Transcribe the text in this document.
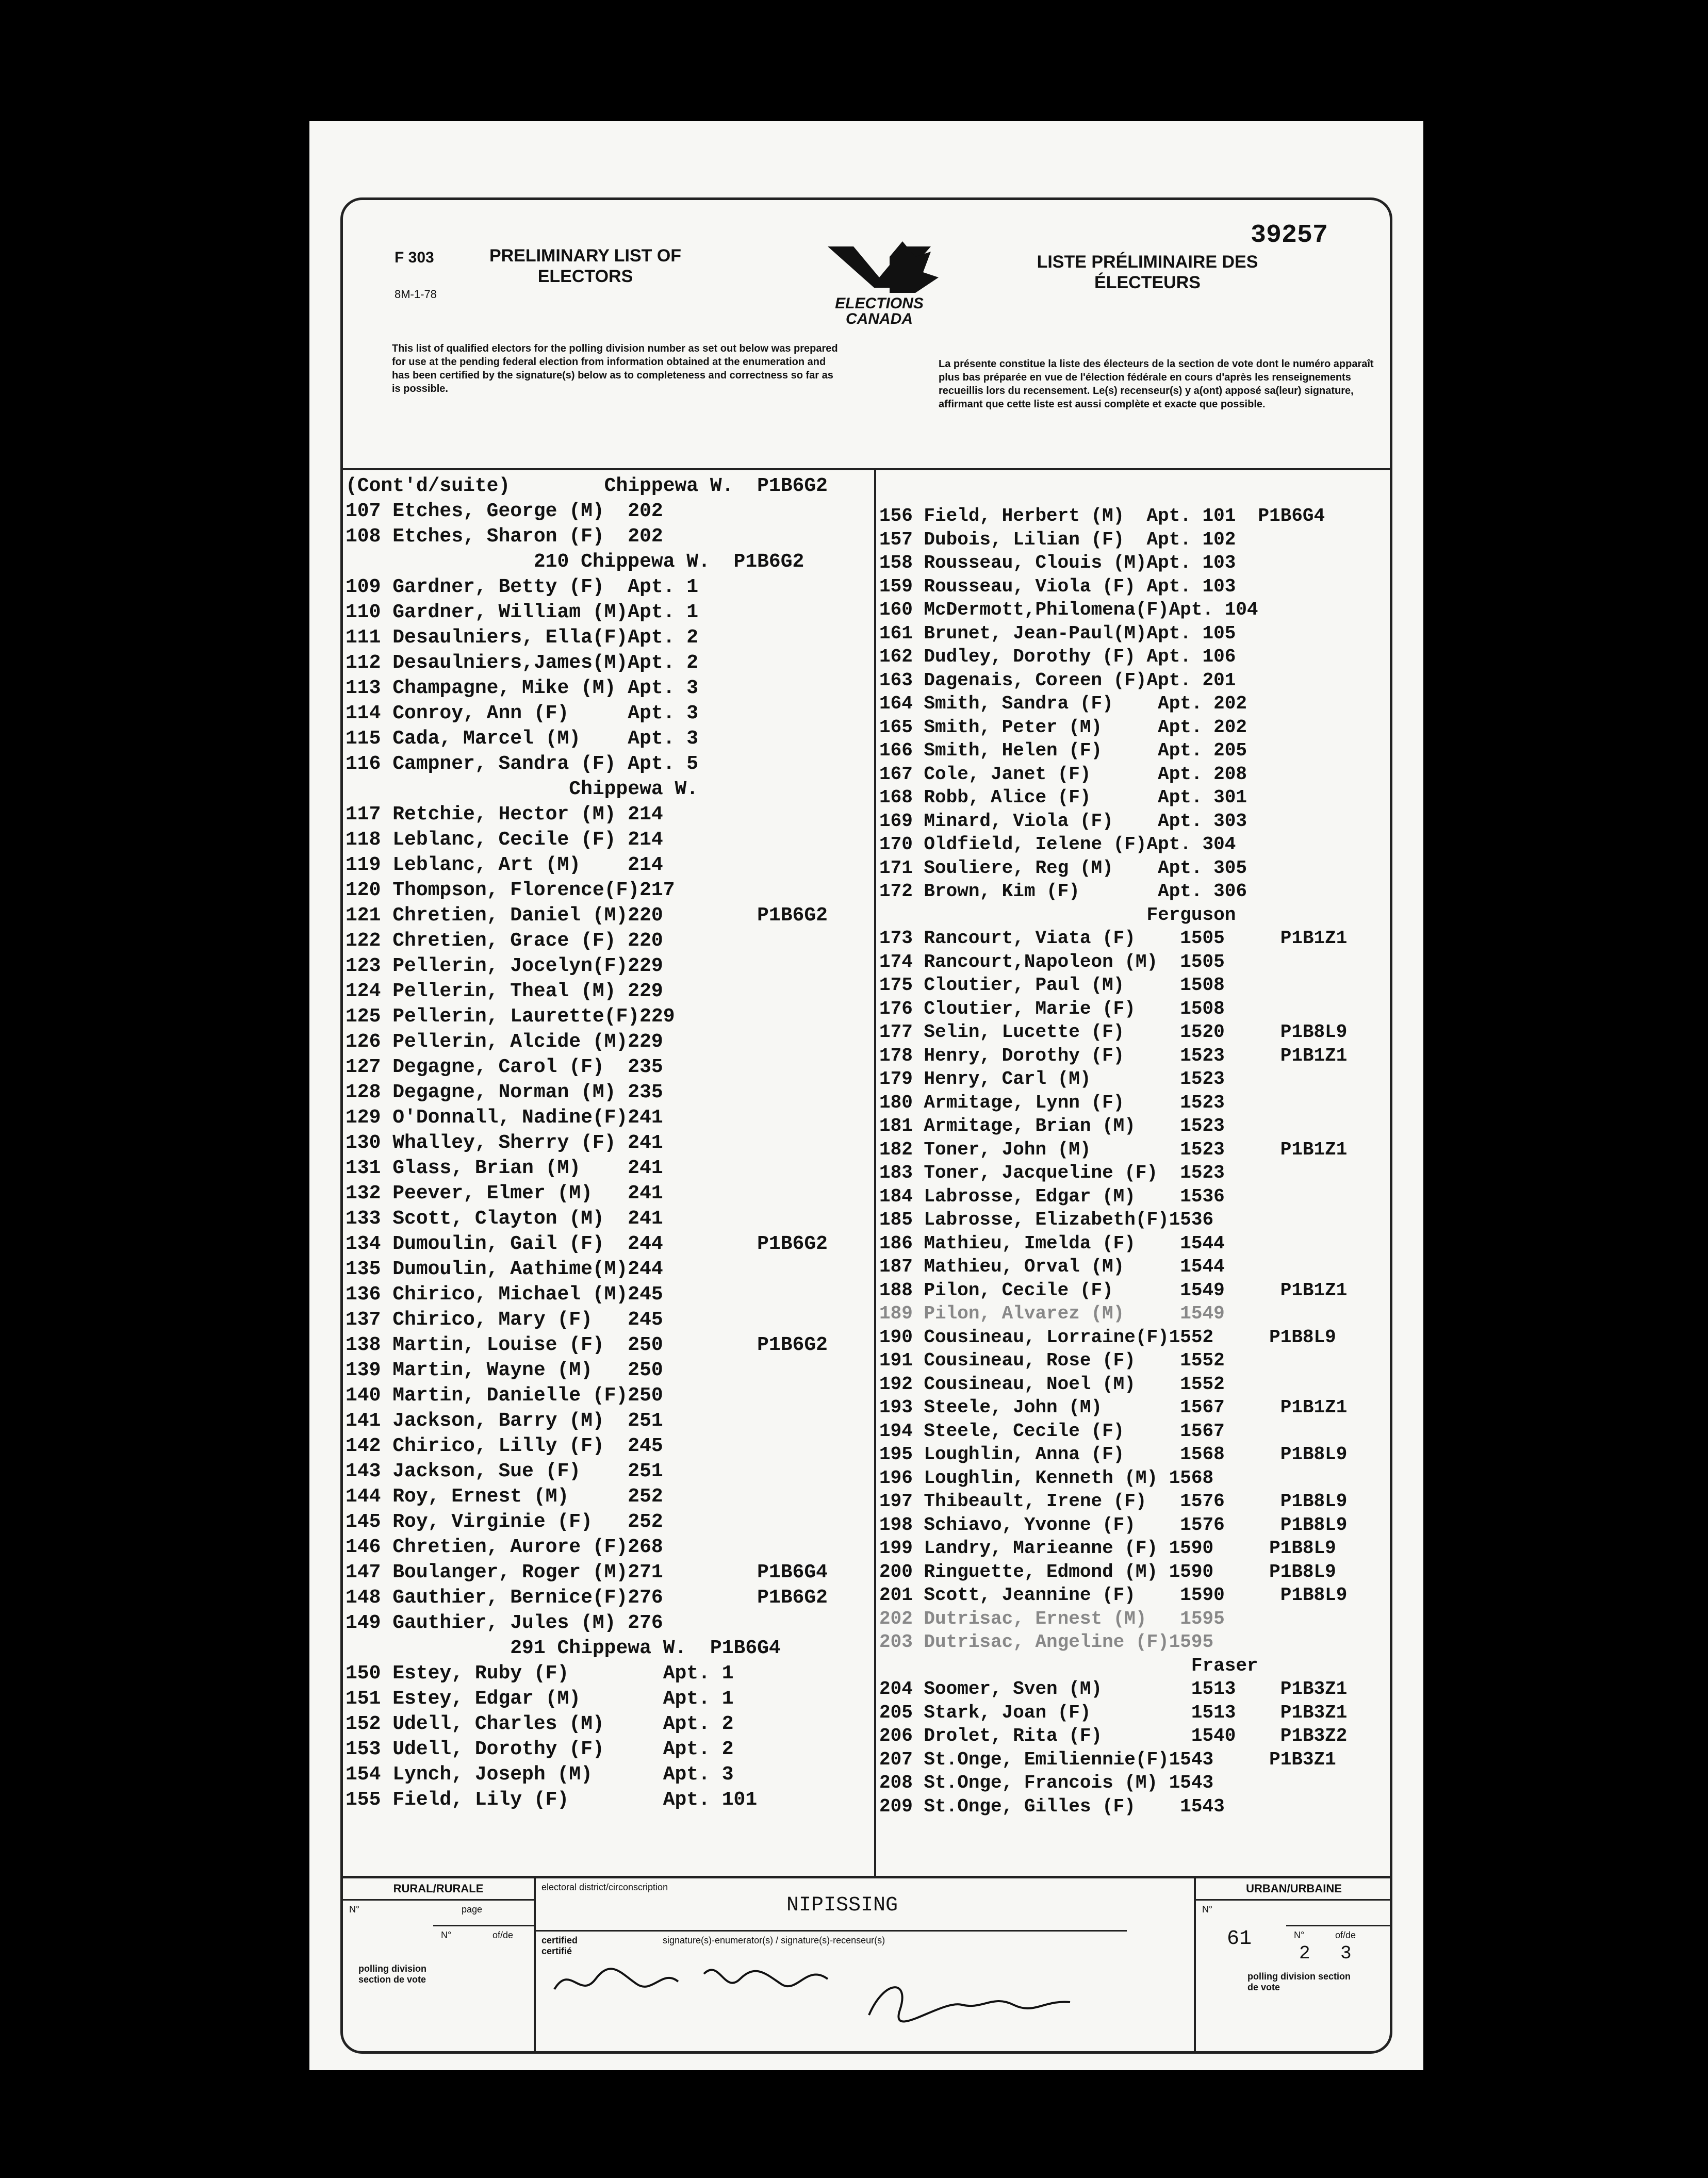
F 303
8M-1-78
PRELIMINARY LIST OF ELECTORS
ELECTIONS
CANADA
39257
LISTE PRÉLIMINAIRE DES ÉLECTEURS
This list of qualified electors for the polling division number as set out below was prepared for use at the pending federal election from information obtained at the enumeration and has been certified by the signature(s) below as to completeness and correctness so far as is possible.
La présente constitue la liste des électeurs de la section de vote dont le numéro apparaît plus bas préparée en vue de l'élection fédérale en cours d'après les renseignements recueillis lors du recensement. Le(s) recenseur(s) y a(ont) apposé sa(leur) signature, affirmant que cette liste est aussi complète et exacte que possible.
(Cont'd/suite)        Chippewa W.  P1B6G2
107 Etches, George (M)  202
108 Etches, Sharon (F)  202
210 Chippewa W.  P1B6G2
109 Gardner, Betty (F)  Apt. 1
110 Gardner, William (M)Apt. 1
111 Desaulniers, Ella(F)Apt. 2
112 Desaulniers,James(M)Apt. 2
113 Champagne, Mike (M) Apt. 3
114 Conroy, Ann (F)     Apt. 3
115 Cada, Marcel (M)    Apt. 3
116 Campner, Sandra (F) Apt. 5
Chippewa W.
117 Retchie, Hector (M) 214
118 Leblanc, Cecile (F) 214
119 Leblanc, Art (M)    214
120 Thompson, Florence(F)217
121 Chretien, Daniel (M)220        P1B6G2
122 Chretien, Grace (F) 220
123 Pellerin, Jocelyn(F)229
124 Pellerin, Theal (M) 229
125 Pellerin, Laurette(F)229
126 Pellerin, Alcide (M)229
127 Degagne, Carol (F)  235
128 Degagne, Norman (M) 235
129 O'Donnall, Nadine(F)241
130 Whalley, Sherry (F) 241
131 Glass, Brian (M)    241
132 Peever, Elmer (M)   241
133 Scott, Clayton (M)  241
134 Dumoulin, Gail (F)  244        P1B6G2
135 Dumoulin, Aathime(M)244
136 Chirico, Michael (M)245
137 Chirico, Mary (F)   245
138 Martin, Louise (F)  250        P1B6G2
139 Martin, Wayne (M)   250
140 Martin, Danielle (F)250
141 Jackson, Barry (M)  251
142 Chirico, Lilly (F)  245
143 Jackson, Sue (F)    251
144 Roy, Ernest (M)     252
145 Roy, Virginie (F)   252
146 Chretien, Aurore (F)268
147 Boulanger, Roger (M)271        P1B6G4
148 Gauthier, Bernice(F)276        P1B6G2
149 Gauthier, Jules (M) 276
291 Chippewa W.  P1B6G4
150 Estey, Ruby (F)        Apt. 1
151 Estey, Edgar (M)       Apt. 1
152 Udell, Charles (M)     Apt. 2
153 Udell, Dorothy (F)     Apt. 2
154 Lynch, Joseph (M)      Apt. 3
155 Field, Lily (F)        Apt. 101
156 Field, Herbert (M)  Apt. 101  P1B6G4
157 Dubois, Lilian (F)  Apt. 102
158 Rousseau, Clouis (M)Apt. 103
159 Rousseau, Viola (F) Apt. 103
160 McDermott,Philomena(F)Apt. 104
161 Brunet, Jean-Paul(M)Apt. 105
162 Dudley, Dorothy (F) Apt. 106
163 Dagenais, Coreen (F)Apt. 201
164 Smith, Sandra (F)    Apt. 202
165 Smith, Peter (M)     Apt. 202
166 Smith, Helen (F)     Apt. 205
167 Cole, Janet (F)      Apt. 208
168 Robb, Alice (F)      Apt. 301
169 Minard, Viola (F)    Apt. 303
170 Oldfield, Ielene (F)Apt. 304
171 Souliere, Reg (M)    Apt. 305
172 Brown, Kim (F)       Apt. 306
Ferguson
173 Rancourt, Viata (F)    1505     P1B1Z1
174 Rancourt,Napoleon (M)  1505
175 Cloutier, Paul (M)     1508
176 Cloutier, Marie (F)    1508
177 Selin, Lucette (F)     1520     P1B8L9
178 Henry, Dorothy (F)     1523     P1B1Z1
179 Henry, Carl (M)        1523
180 Armitage, Lynn (F)     1523
181 Armitage, Brian (M)    1523
182 Toner, John (M)        1523     P1B1Z1
183 Toner, Jacqueline (F)  1523
184 Labrosse, Edgar (M)    1536
185 Labrosse, Elizabeth(F)1536
186 Mathieu, Imelda (F)    1544
187 Mathieu, Orval (M)     1544
188 Pilon, Cecile (F)      1549     P1B1Z1
189 Pilon, Alvarez (M)     1549
190 Cousineau, Lorraine(F)1552     P1B8L9
191 Cousineau, Rose (F)    1552
192 Cousineau, Noel (M)    1552
193 Steele, John (M)       1567     P1B1Z1
194 Steele, Cecile (F)     1567
195 Loughlin, Anna (F)     1568     P1B8L9
196 Loughlin, Kenneth (M) 1568
197 Thibeault, Irene (F)   1576     P1B8L9
198 Schiavo, Yvonne (F)    1576     P1B8L9
199 Landry, Marieanne (F) 1590     P1B8L9
200 Ringuette, Edmond (M) 1590     P1B8L9
201 Scott, Jeannine (F)    1590     P1B8L9
202 Dutrisac, Ernest (M)   1595
203 Dutrisac, Angeline (F)1595
Fraser
204 Soomer, Sven (M)        1513    P1B3Z1
205 Stark, Joan (F)         1513    P1B3Z1
206 Drolet, Rita (F)        1540    P1B3Z2
207 St.Onge, Emiliennie(F)1543     P1B3Z1
208 St.Onge, Francois (M) 1543
209 St.Onge, Gilles (F)    1543
RURAL/RURALE
N°	page
N°	of/de
polling division section de vote
electoral district/circonscription
NIPISSING
certified certifié
signature(s)-enumerator(s) / signature(s)-recenseur(s)
URBAN/URBAINE
N°
61	N°	of/de
2 3
polling division section de vote
